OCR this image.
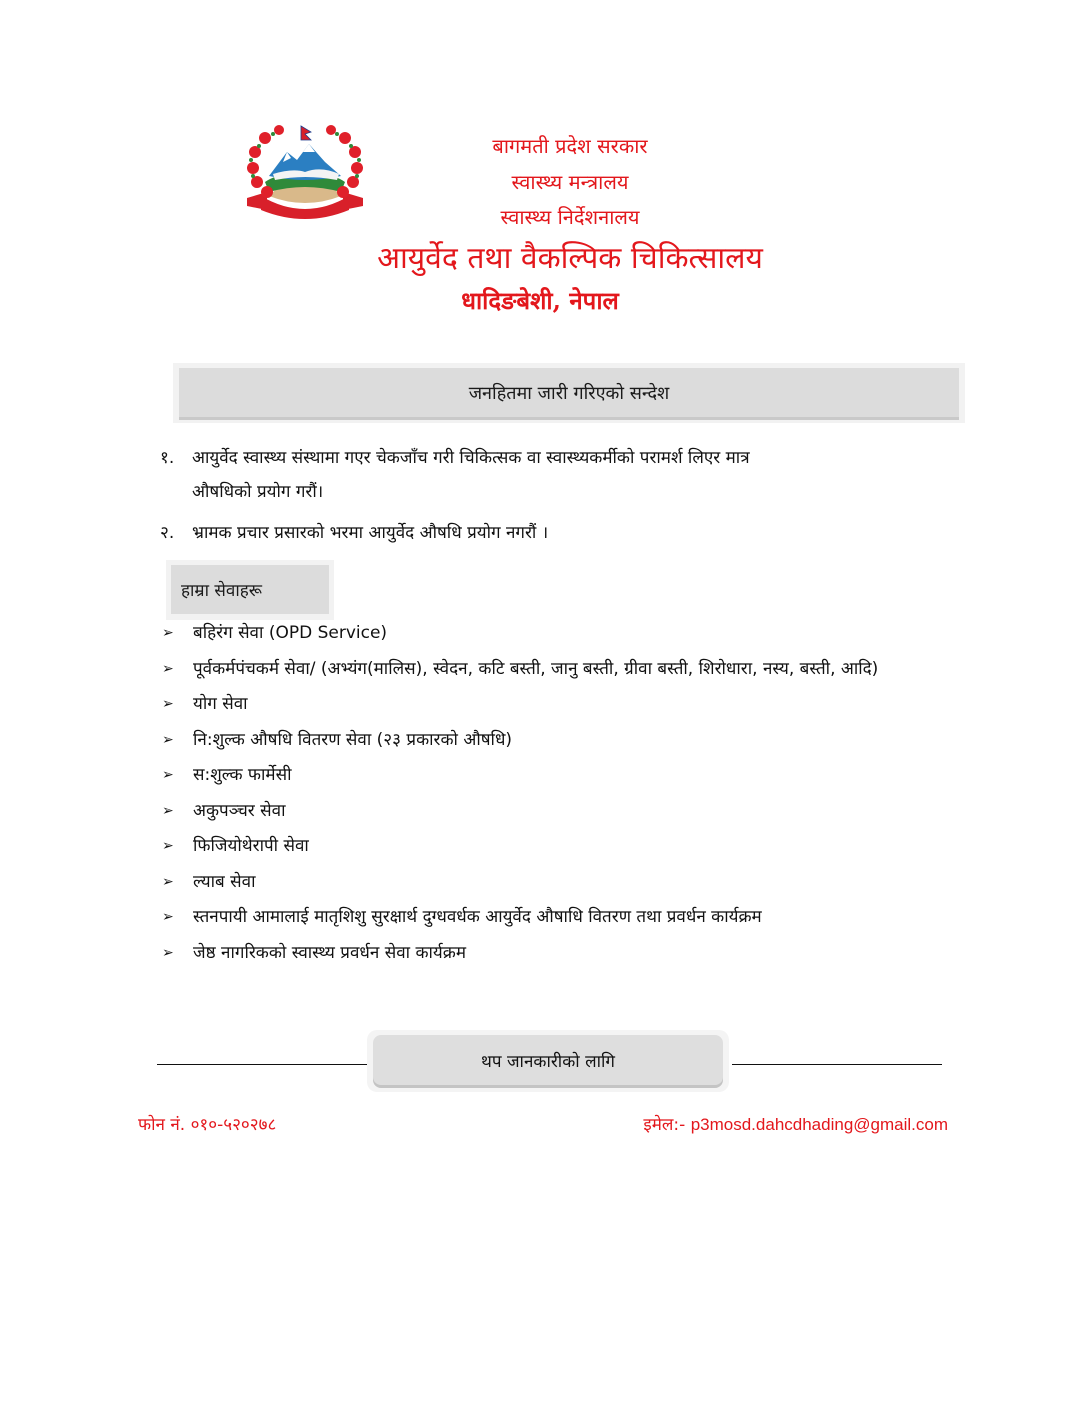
बागमती प्रदेश सरकार
स्वास्थ्य मन्त्रालय
स्वास्थ्य निर्देशनालय
आयुर्वेद तथा वैकल्पिक चिकित्सालय
धादिङबेशी, नेपाल
जनहितमा जारी गरिएको सन्देश
१. आयुर्वेद स्वास्थ्य संस्थामा गएर चेकजाँच गरी चिकित्सक वा स्वास्थ्यकर्मीको परामर्श लिएर मात्र
औषधिको प्रयोग गरौं।
२. भ्रामक प्रचार प्रसारको भरमा आयुर्वेद औषधि प्रयोग नगरौं ।
हाम्रा सेवाहरू
➢ बहिरंग सेवा (OPD Service)
➢ पूर्वकर्मपंचकर्म सेवा/ (अभ्यंग(मालिस), स्वेदन, कटि बस्ती, जानु बस्ती, ग्रीवा बस्ती, शिरोधारा, नस्य, बस्ती, आदि)
➢ योग सेवा
➢ नि:शुल्क औषधि वितरण सेवा (२३ प्रकारको औषधि)
➢ स:शुल्क फार्मेसी
➢ अकुपञ्चर सेवा
➢ फिजियोथेरापी सेवा
➢ ल्याब सेवा
➢ स्तनपायी आमालाई मातृशिशु सुरक्षार्थ दुग्धवर्धक आयुर्वेद औषाधि वितरण तथा प्रवर्धन कार्यक्रम
➢ जेष्ठ नागरिकको स्वास्थ्य प्रवर्धन सेवा कार्यक्रम
थप जानकारीको लागि
फोन नं. ०१०-५२०२७८	इमेल:- p3mosd.dahcdhading@gmail.com
